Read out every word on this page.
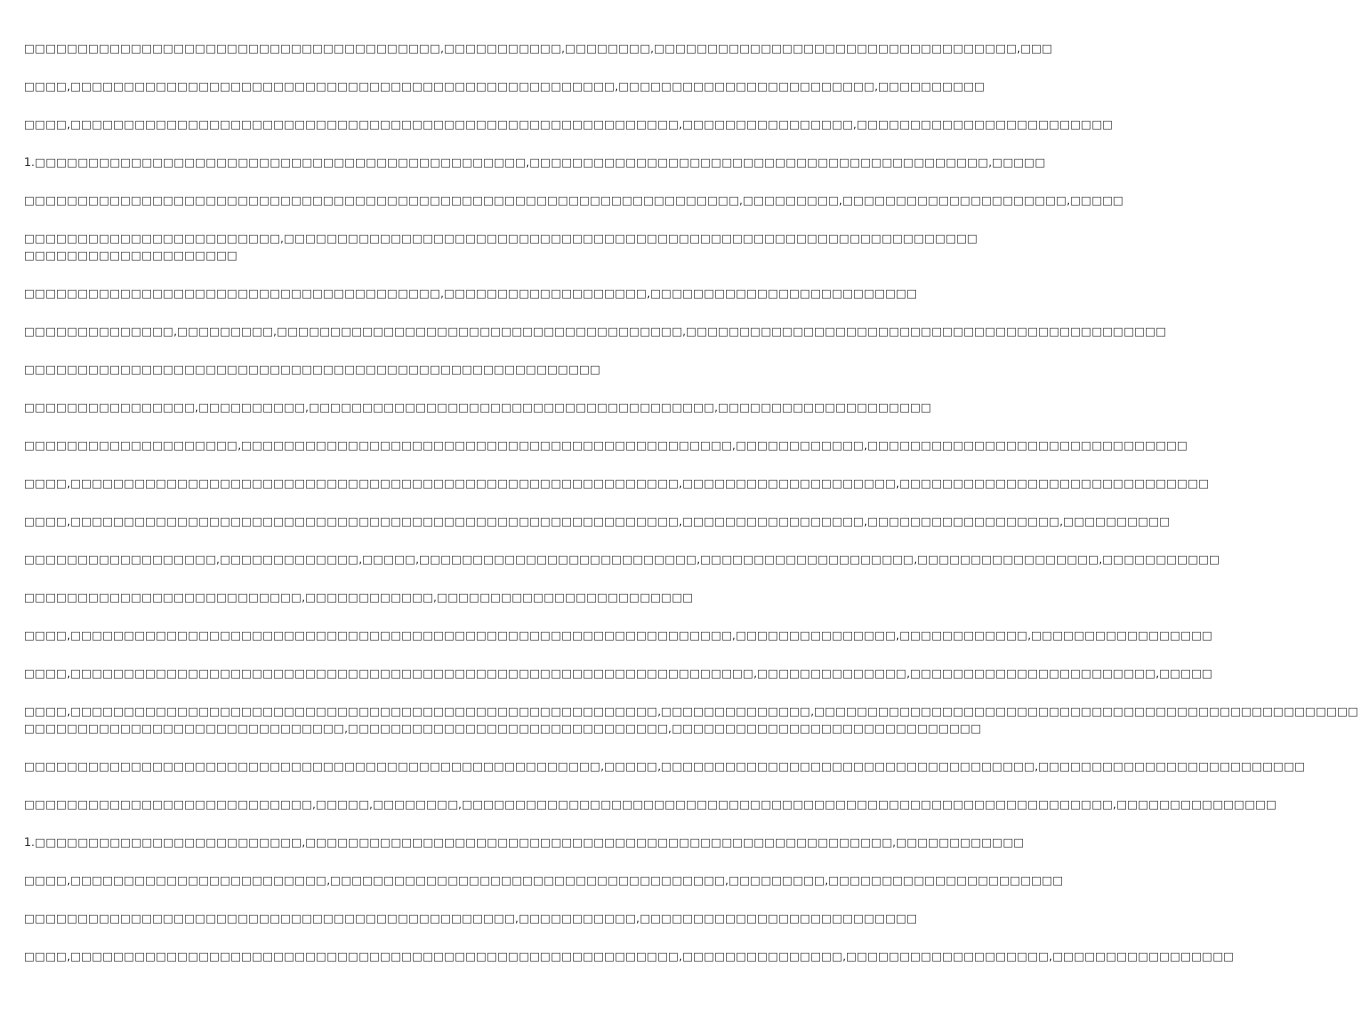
□□□□□□□□□□□□□□□□□□□□□□□□□□□□□□□□□□□□□□□,□□□□□□□□□□□,□□□□□□□□,□□□□□□□□□□□□□□□□□□□□□□□□□□□□□□□□□□,□□□

□□□□,□□□□□□□□□□□□□□□□□□□□□□□□□□□□□□□□□□□□□□□□□□□□□□□□□□□,□□□□□□□□□□□□□□□□□□□□□□□□,□□□□□□□□□□

□□□□,□□□□□□□□□□□□□□□□□□□□□□□□□□□□□□□□□□□□□□□□□□□□□□□□□□□□□□□□□,□□□□□□□□□□□□□□□□,□□□□□□□□□□□□□□□□□□□□□□□□

1.□□□□□□□□□□□□□□□□□□□□□□□□□□□□□□□□□□□□□□□□□□□□□□,□□□□□□□□□□□□□□□□□□□□□□□□□□□□□□□□□□□□□□□□□□□,□□□□□

□□□□□□□□□□□□□□□□□□□□□□□□□□□□□□□□□□□□□□□□□□□□□□□□□□□□□□□□□□□□□□□□□□□,□□□□□□□□□,□□□□□□□□□□□□□□□□□□□□□,□□□□□

□□□□□□□□□□□□□□□□□□□□□□□□,□□□□□□□□□□□□□□□□□□□□□□□□□□□□□□□□□□□□□□□□□□□□□□□□□□□□□□□□□□□□□□□□□ □□□□□□□□□□□□□□□□□□□□

□□□□□□□□□□□□□□□□□□□□□□□□□□□□□□□□□□□□□□□,□□□□□□□□□□□□□□□□□□□,□□□□□□□□□□□□□□□□□□□□□□□□□

□□□□□□□□□□□□□□,□□□□□□□□□,□□□□□□□□□□□□□□□□□□□□□□□□□□□□□□□□□□□□□□,□□□□□□□□□□□□□□□□□□□□□□□□□□□□□□□□□□□□□□□□□□□□□

□□□□□□□□□□□□□□□□□□□□□□□□□□□□□□□□□□□□□□□□□□□□□□□□□□□□□□

□□□□□□□□□□□□□□□□,□□□□□□□□□□,□□□□□□□□□□□□□□□□□□□□□□□□□□□□□□□□□□□□□□,□□□□□□□□□□□□□□□□□□□□

□□□□□□□□□□□□□□□□□□□□,□□□□□□□□□□□□□□□□□□□□□□□□□□□□□□□□□□□□□□□□□□□□□□,□□□□□□□□□□□□,□□□□□□□□□□□□□□□□□□□□□□□□□□□□□□

□□□□,□□□□□□□□□□□□□□□□□□□□□□□□□□□□□□□□□□□□□□□□□□□□□□□□□□□□□□□□□,□□□□□□□□□□□□□□□□□□□□,□□□□□□□□□□□□□□□□□□□□□□□□□□□□□

□□□□,□□□□□□□□□□□□□□□□□□□□□□□□□□□□□□□□□□□□□□□□□□□□□□□□□□□□□□□□□,□□□□□□□□□□□□□□□□□,□□□□□□□□□□□□□□□□□□,□□□□□□□□□□

□□□□□□□□□□□□□□□□□□,□□□□□□□□□□□□□,□□□□□,□□□□□□□□□□□□□□□□□□□□□□□□□□,□□□□□□□□□□□□□□□□□□□□,□□□□□□□□□□□□□□□□□,□□□□□□□□□□□

□□□□□□□□□□□□□□□□□□□□□□□□□□,□□□□□□□□□□□□,□□□□□□□□□□□□□□□□□□□□□□□□

□□□□,□□□□□□□□□□□□□□□□□□□□□□□□□□□□□□□□□□□□□□□□□□□□□□□□□□□□□□□□□□□□□□,□□□□□□□□□□□□□□□,□□□□□□□□□□□□,□□□□□□□□□□□□□□□□□

□□□□,□□□□□□□□□□□□□□□□□□□□□□□□□□□□□□□□□□□□□□□□□□□□□□□□□□□□□□□□□□□□□□□□,□□□□□□□□□□□□□□,□□□□□□□□□□□□□□□□□□□□□□□,□□□□□

□□□□,□□□□□□□□□□□□□□□□□□□□□□□□□□□□□□□□□□□□□□□□□□□□□□□□□□□□□□□,□□□□□□□□□□□□□□,□□□□□□□□□□□□□□□□□□□□□□□□□□□□□□□□□□□□□□□□□□□□□□□□□□□ □□□□□□□□□□□□□□□□□□□□□□□□□□□□□□,□□□□□□□□□□□□□□□□□□□□□□□□□□□□□□,□□□□□□□□□□□□□□□□□□□□□□□□□□□□□

□□□□□□□□□□□□□□□□□□□□□□□□□□□□□□□□□□□□□□□□□□□□□□□□□□□□□□,□□□□□,□□□□□□□□□□□□□□□□□□□□□□□□□□□□□□□□□□□,□□□□□□□□□□□□□□□□□□□□□□□□□

□□□□□□□□□□□□□□□□□□□□□□□□□□□,□□□□□,□□□□□□□□,□□□□□□□□□□□□□□□□□□□□□□□□□□□□□□□□□□□□□□□□□□□□□□□□□□□□□□□□□□□□□,□□□□□□□□□□□□□□□

1.□□□□□□□□□□□□□□□□□□□□□□□□□,□□□□□□□□□□□□□□□□□□□□□□□□□□□□□□□□□□□□□□□□□□□□□□□□□□□□□□□,□□□□□□□□□□□□

□□□□,□□□□□□□□□□□□□□□□□□□□□□□□,□□□□□□□□□□□□□□□□□□□□□□□□□□□□□□□□□□□□□,□□□□□□□□□,□□□□□□□□□□□□□□□□□□□□□□

□□□□□□□□□□□□□□□□□□□□□□□□□□□□□□□□□□□□□□□□□□□□□□,□□□□□□□□□□□,□□□□□□□□□□□□□□□□□□□□□□□□□□

□□□□,□□□□□□□□□□□□□□□□□□□□□□□□□□□□□□□□□□□□□□□□□□□□□□□□□□□□□□□□□,□□□□□□□□□□□□□□□,□□□□□□□□□□□□□□□□□□□,□□□□□□□□□□□□□□□□□
